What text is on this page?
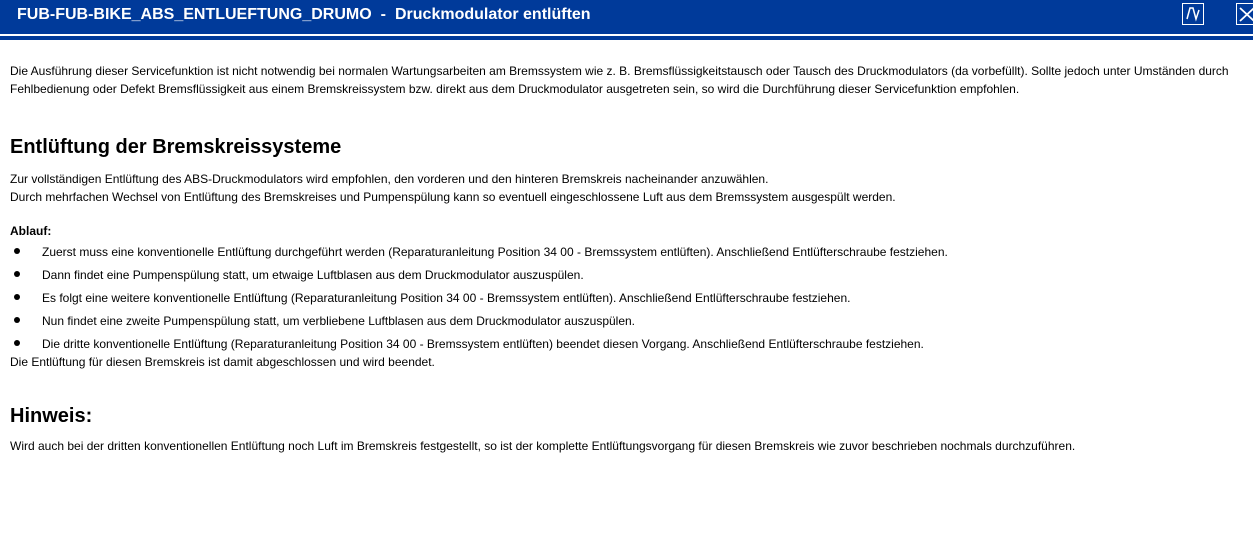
FUB-FUB-BIKE_ABS_ENTLUEFTUNG_DRUMO - Druckmodulator entlüften

Die Ausführung dieser Servicefunktion ist nicht notwendig bei normalen Wartungsarbeiten am Bremssystem wie z. B. Bremsflüssigkeitstausch oder Tausch des Druckmodulators (da vorbefüllt). Sollte jedoch unter Umständen durch Fehlbedienung oder Defekt Bremsflüssigkeit aus einem Bremskreissystem bzw. direkt aus dem Druckmodulator ausgetreten sein, so wird die Durchführung dieser Servicefunktion empfohlen.

Entlüftung der Bremskreissysteme

Zur vollständigen Entlüftung des ABS-Druckmodulators wird empfohlen, den vorderen und den hinteren Bremskreis nacheinander anzuwählen.

Durch mehrfachen Wechsel von Entlüftung des Bremskreises und Pumpenspülung kann so eventuell eingeschlossene Luft aus dem Bremssystem ausgespült werden.

Ablauf:

Zuerst muss eine konventionelle Entlüftung durchgeführt werden (Reparaturanleitung Position 34 00 - Bremssystem entlüften). Anschließend Entlüfterschraube festziehen.
Dann findet eine Pumpenspülung statt, um etwaige Luftblasen aus dem Druckmodulator auszuspülen.
Es folgt eine weitere konventionelle Entlüftung (Reparaturanleitung Position 34 00 - Bremssystem entlüften). Anschließend Entlüfterschraube festziehen.
Nun findet eine zweite Pumpenspülung statt, um verbliebene Luftblasen aus dem Druckmodulator auszuspülen.
Die dritte konventionelle Entlüftung (Reparaturanleitung Position 34 00 - Bremssystem entlüften) beendet diesen Vorgang. Anschließend Entlüfterschraube festziehen.

Die Entlüftung für diesen Bremskreis ist damit abgeschlossen und wird beendet.

Hinweis:

Wird auch bei der dritten konventionellen Entlüftung noch Luft im Bremskreis festgestellt, so ist der komplette Entlüftungsvorgang für diesen Bremskreis wie zuvor beschrieben nochmals durchzuführen.
